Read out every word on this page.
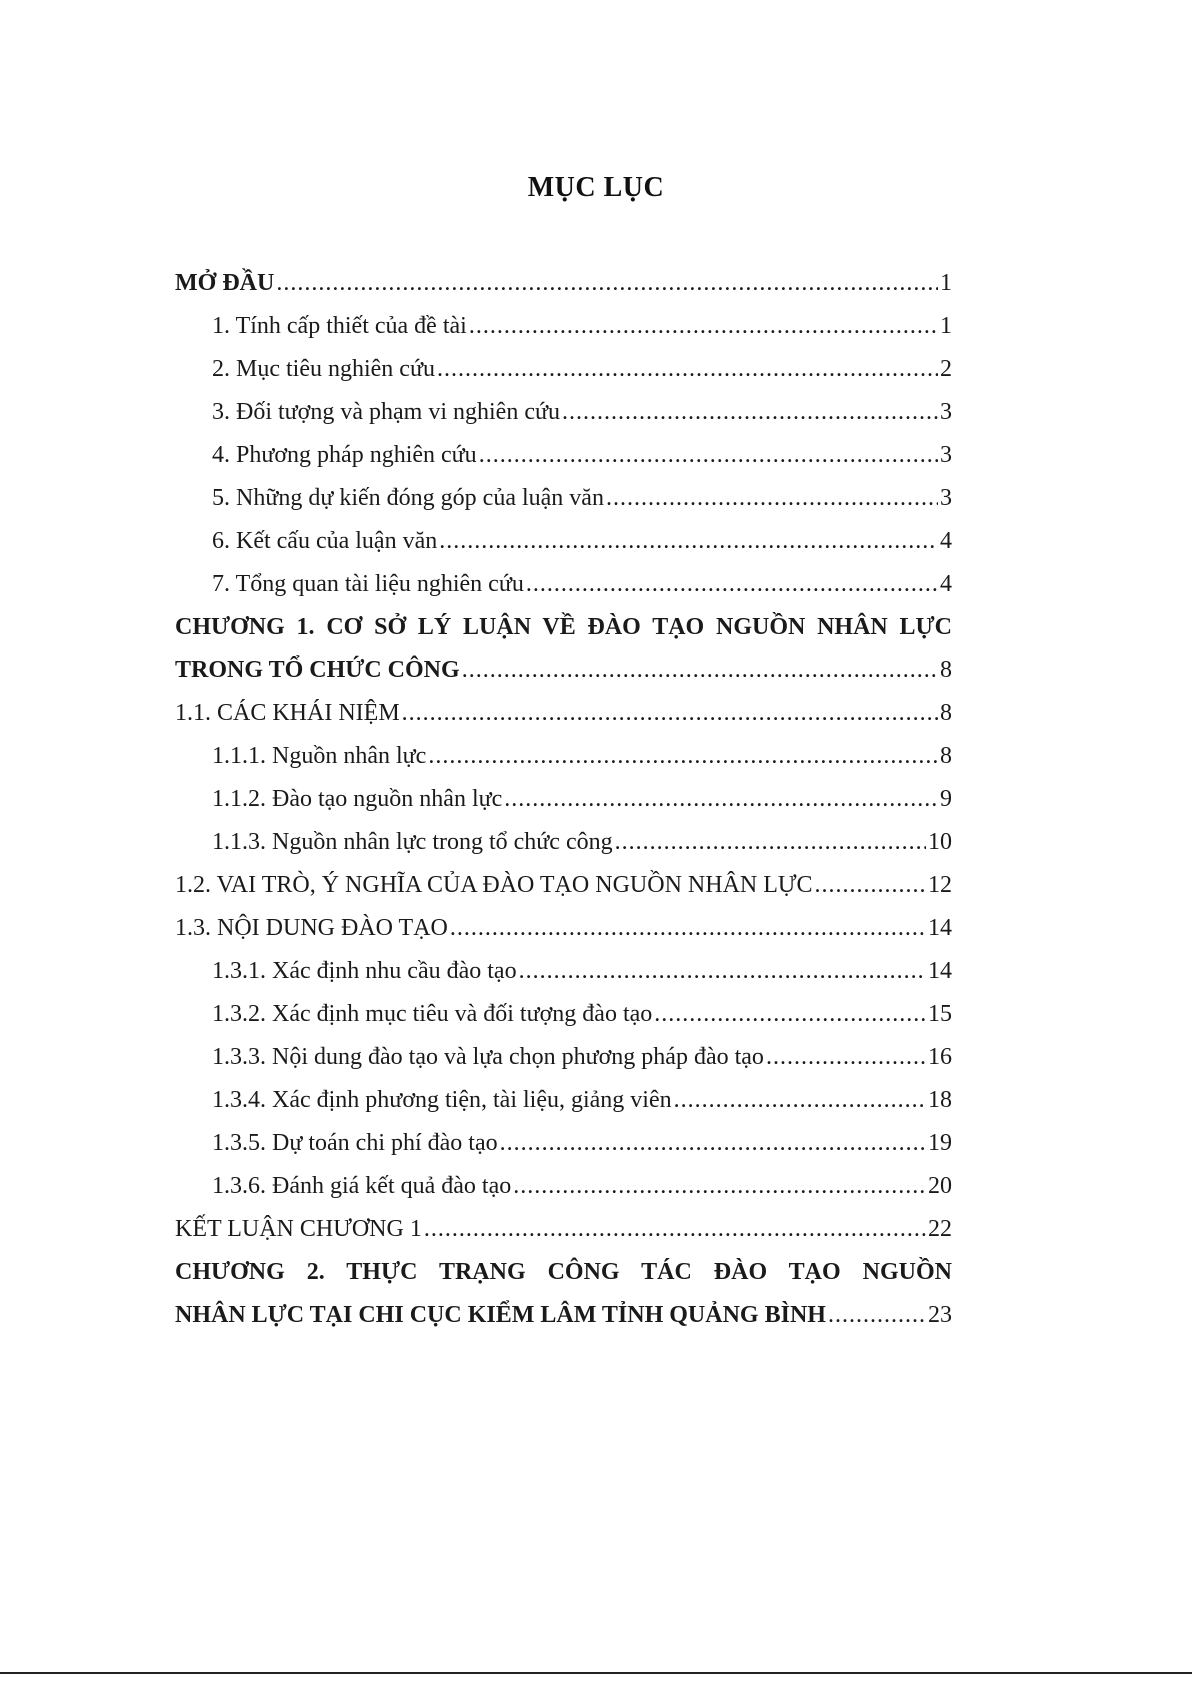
MỤC LỤC
MỞ ĐẦU .....	1
1. Tính cấp thiết của đề tài .....	1
2. Mục tiêu nghiên cứu .....	2
3. Đối tượng và phạm vi nghiên cứu .....	3
4. Phương pháp nghiên cứu .....	3
5. Những dự kiến đóng góp của luận văn .....	3
6. Kết cấu của luận văn .....	4
7. Tổng quan tài liệu nghiên cứu .....	4
CHƯƠNG 1. CƠ SỞ LÝ LUẬN VỀ ĐÀO TẠO NGUỒN NHÂN LỰC
TRONG TỔ CHỨC CÔNG .....	8
1.1. CÁC KHÁI NIỆM .....	8
1.1.1. Nguồn nhân lực .....	8
1.1.2. Đào tạo nguồn nhân lực .....	9
1.1.3. Nguồn nhân lực trong tổ chức công .....	10
1.2. VAI TRÒ, Ý NGHĨA CỦA ĐÀO TẠO NGUỒN NHÂN LỰC .....	12
1.3. NỘI DUNG ĐÀO TẠO .....	14
1.3.1. Xác định nhu cầu đào tạo .....	14
1.3.2. Xác định mục tiêu và đối tượng đào tạo .....	15
1.3.3. Nội dung đào tạo và lựa chọn phương pháp đào tạo .....	16
1.3.4. Xác định phương tiện, tài liệu, giảng viên .....	18
1.3.5. Dự toán chi phí đào tạo .....	19
1.3.6. Đánh giá kết quả đào tạo .....	20
KẾT LUẬN CHƯƠNG 1 .....	22
CHƯƠNG 2. THỰC TRẠNG CÔNG TÁC ĐÀO TẠO NGUỒN
NHÂN LỰC TẠI CHI CỤC KIỂM LÂM TỈNH QUẢNG BÌNH .....	23
